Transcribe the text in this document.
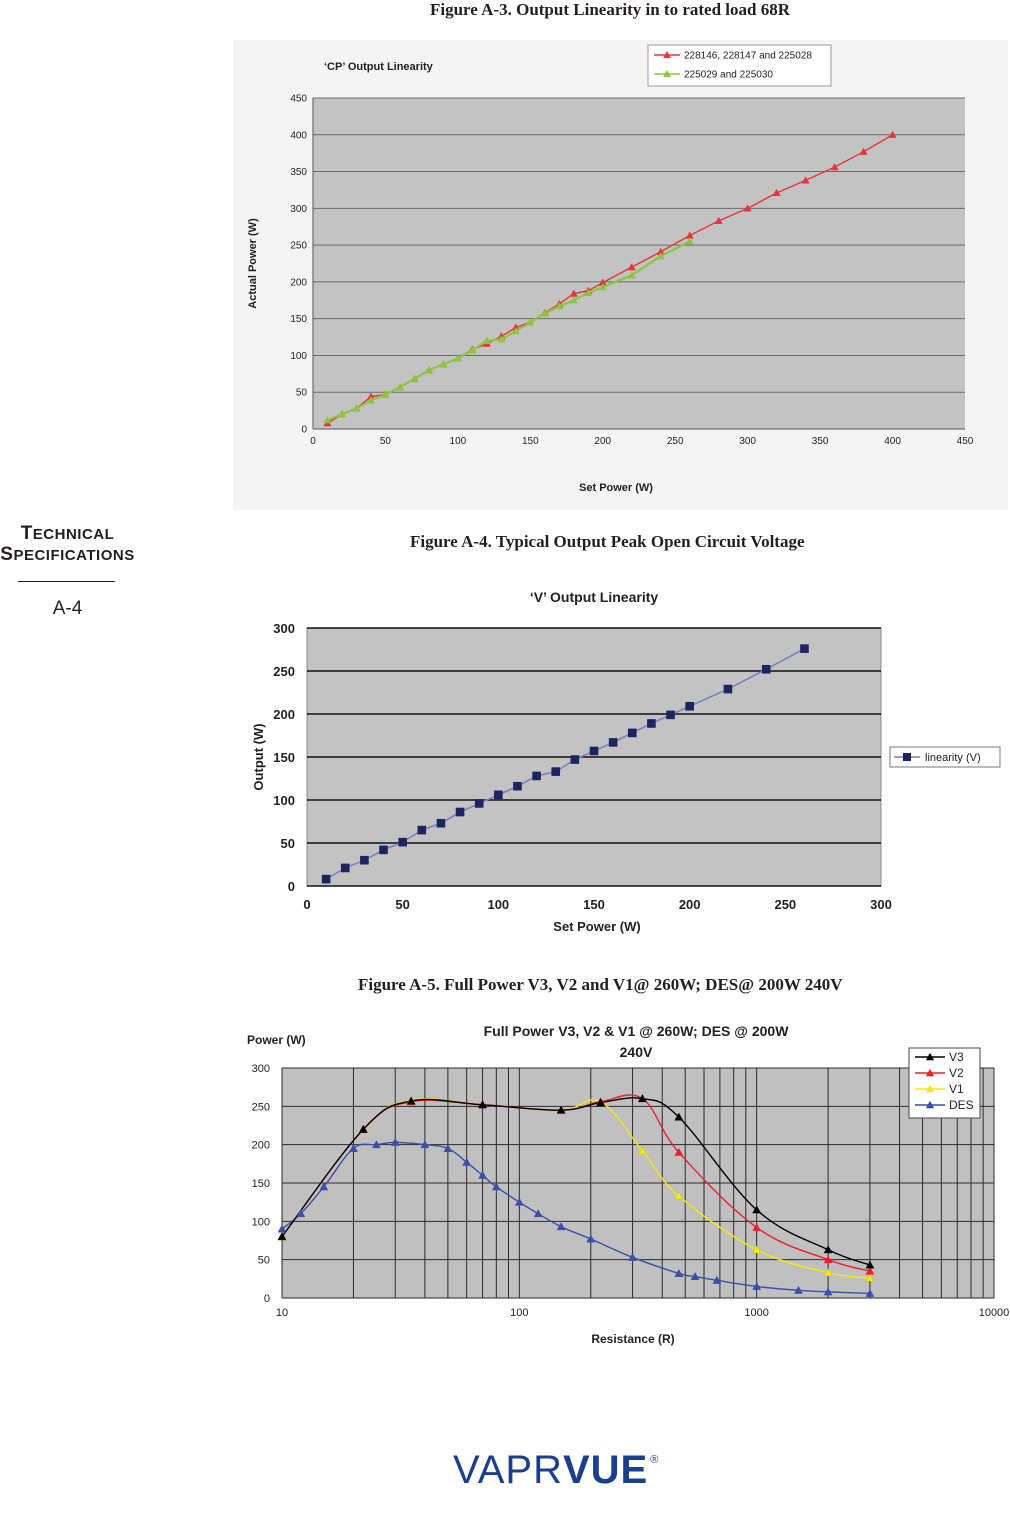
TECHNICAL
SPECIFICATIONS
A-4
Figure A-3. Output Linearity in to rated load 68R
Figure A-4. Typical Output Peak Open Circuit Voltage
Figure A-5. Full Power V3, V2 and V1@ 260W; DES@ 200W 240V
0
50
100
150
200
250
300
350
400
450
0	50	100	150	200	250	300	350	400	450
‘CP’ Output Linearity
Set Power (W)
Actual Power (W)
228146, 228147 and 225028
225029 and 225030
0
50
100
150
200
250
300
0	50	100	150	200	250	300
‘V’ Output Linearity
Set Power (W)
Output (W)	linearity (V)
0
50
100
150
200
250
300
10	100	1000	10000
Power (W)
Resistance (R)
Full Power V3, V2 & V1 @ 260W; DES @ 200W
240V	V3
V2
V1
DES
VAPRVUE ®
